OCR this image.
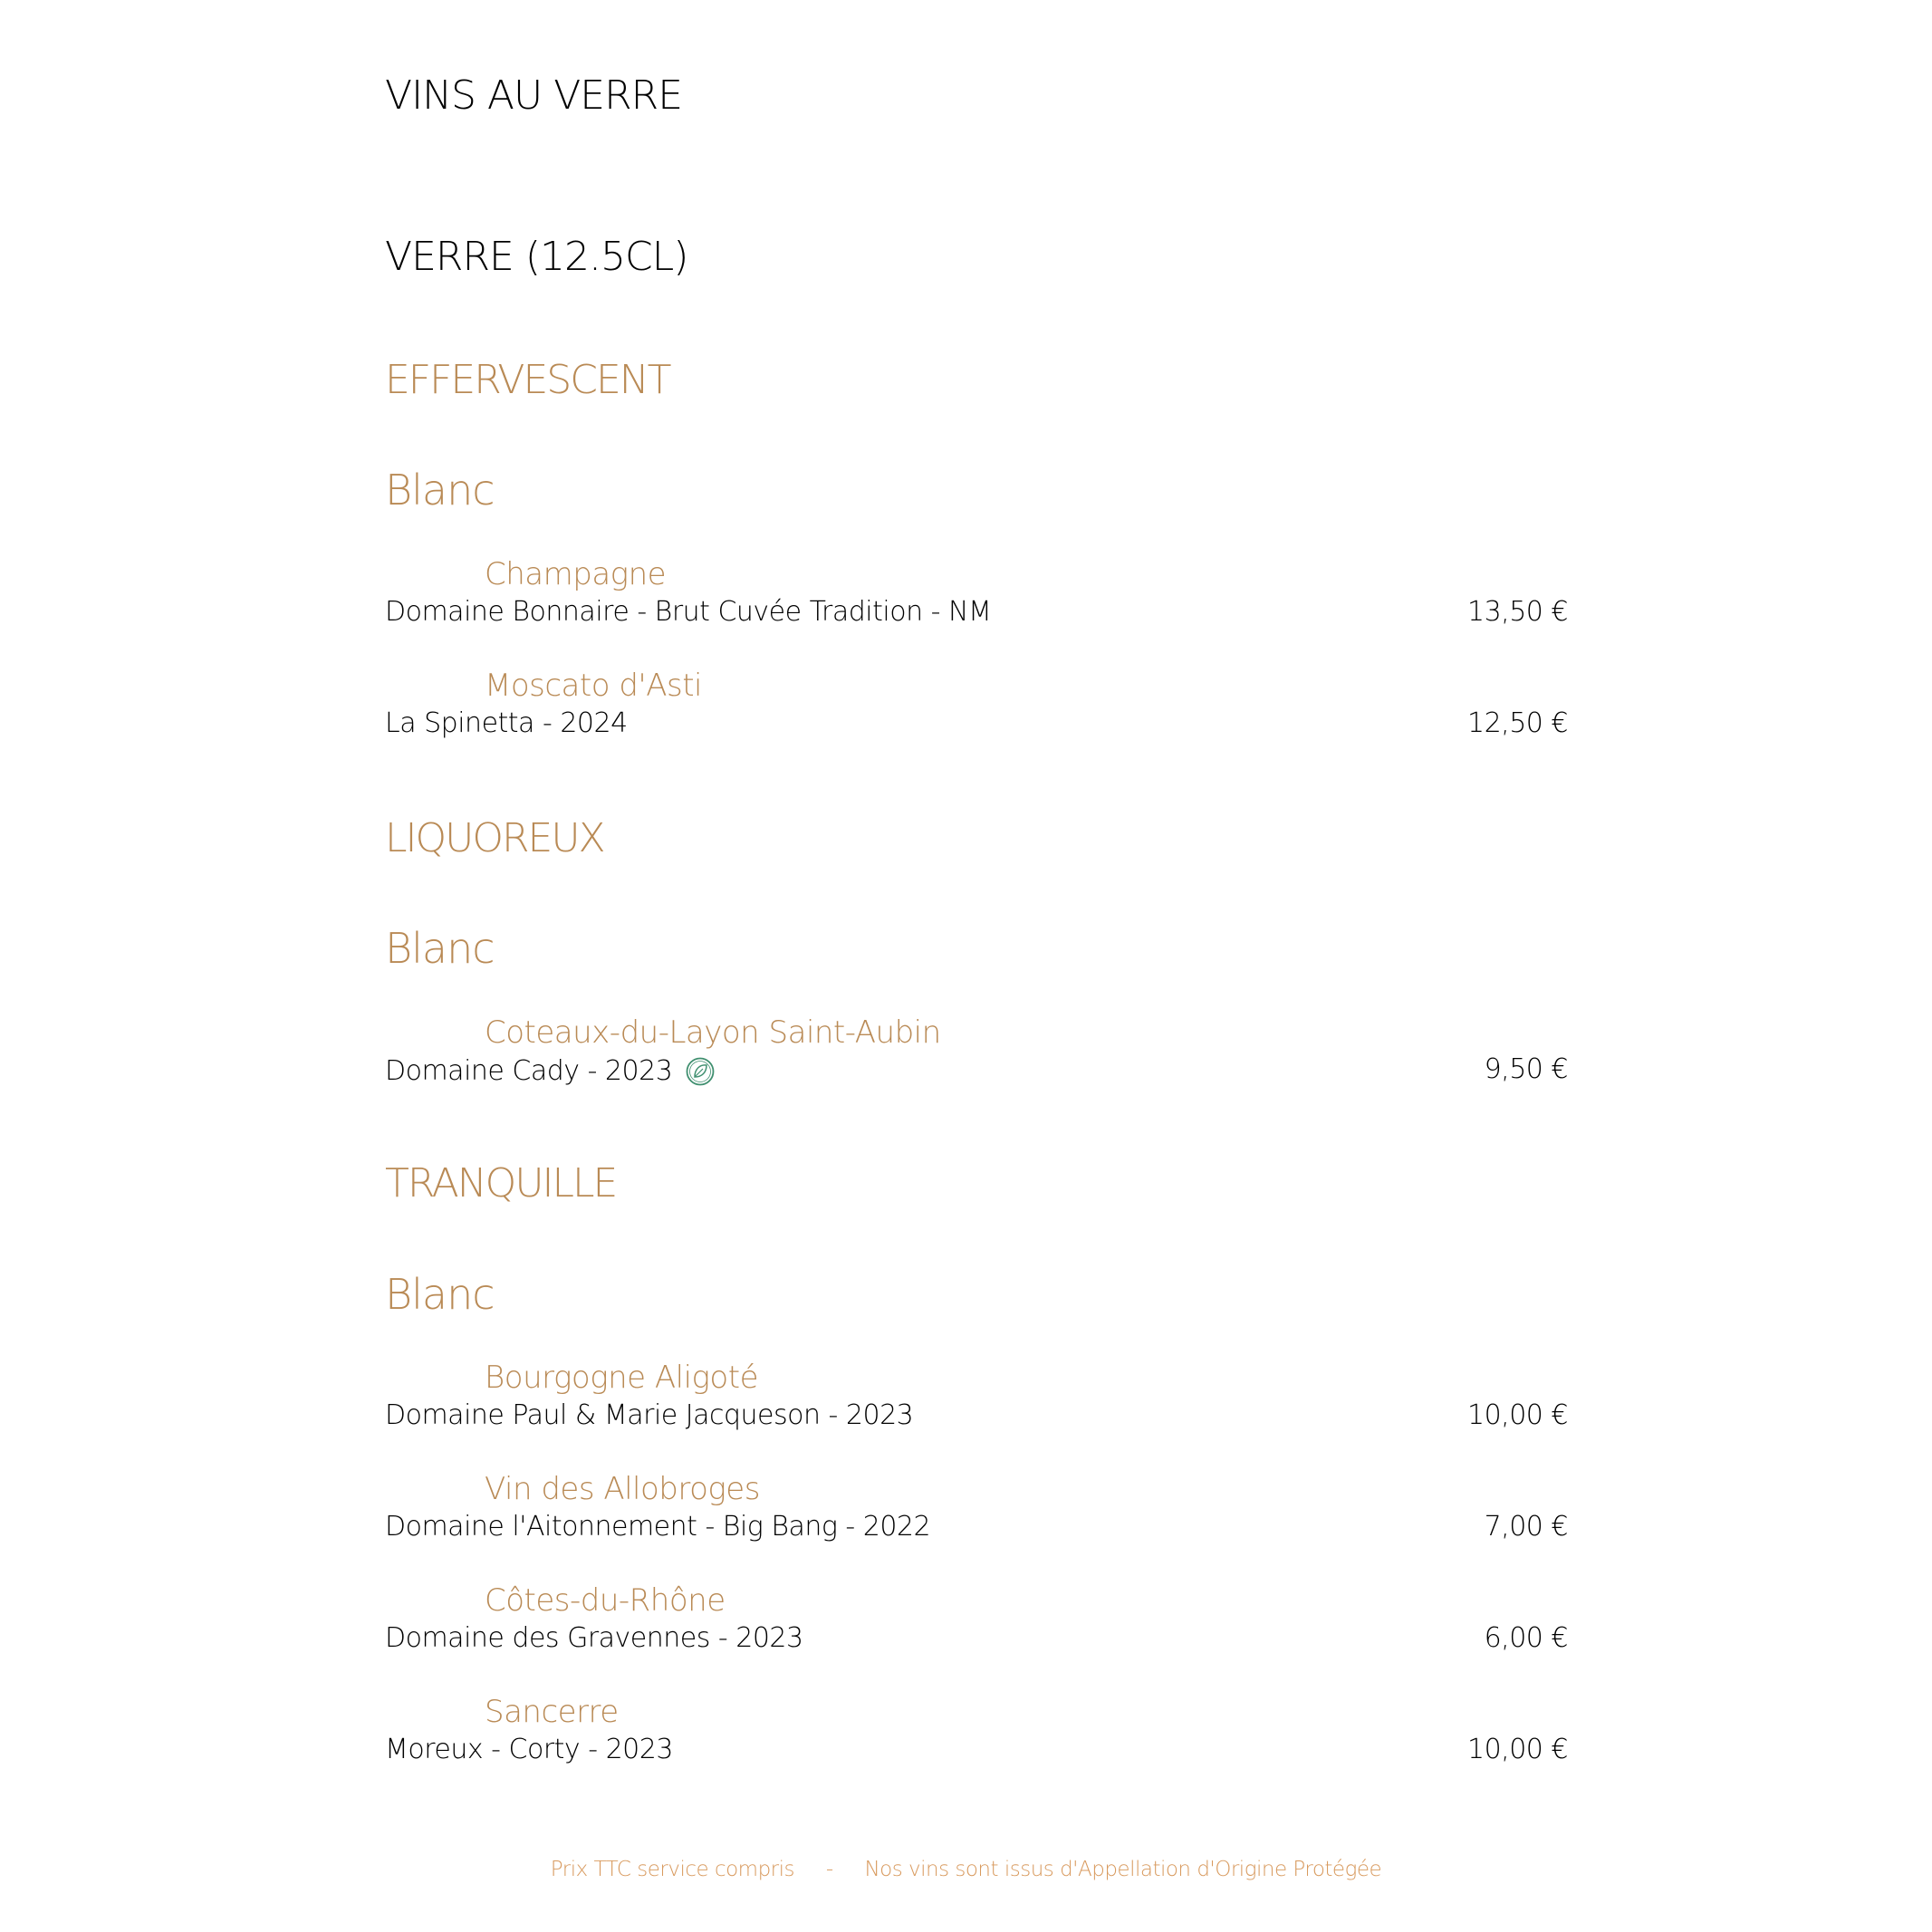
VINS AU VERRE
VERRE (12.5CL)
EFFERVESCENT
Blanc
Champagne
Domaine Bonnaire - Brut Cuvée Tradition - NM	13,50 €
Moscato d'Asti
La Spinetta - 2024	12,50 €
LIQUOREUX
Blanc
Coteaux-du-Layon Saint-Aubin
Domaine Cady - 2023	9,50 €
TRANQUILLE
Blanc
Bourgogne Aligoté
Domaine Paul & Marie Jacqueson - 2023	10,00 €
Vin des Allobroges
Domaine l'Aitonnement - Big Bang - 2022	7,00 €
Côtes-du-Rhône
Domaine des Gravennes - 2023	6,00 €
Sancerre
Moreux - Corty - 2023	10,00 €
Prix TTC service compris - Nos vins sont issus d'Appellation d'Origine Protégée
